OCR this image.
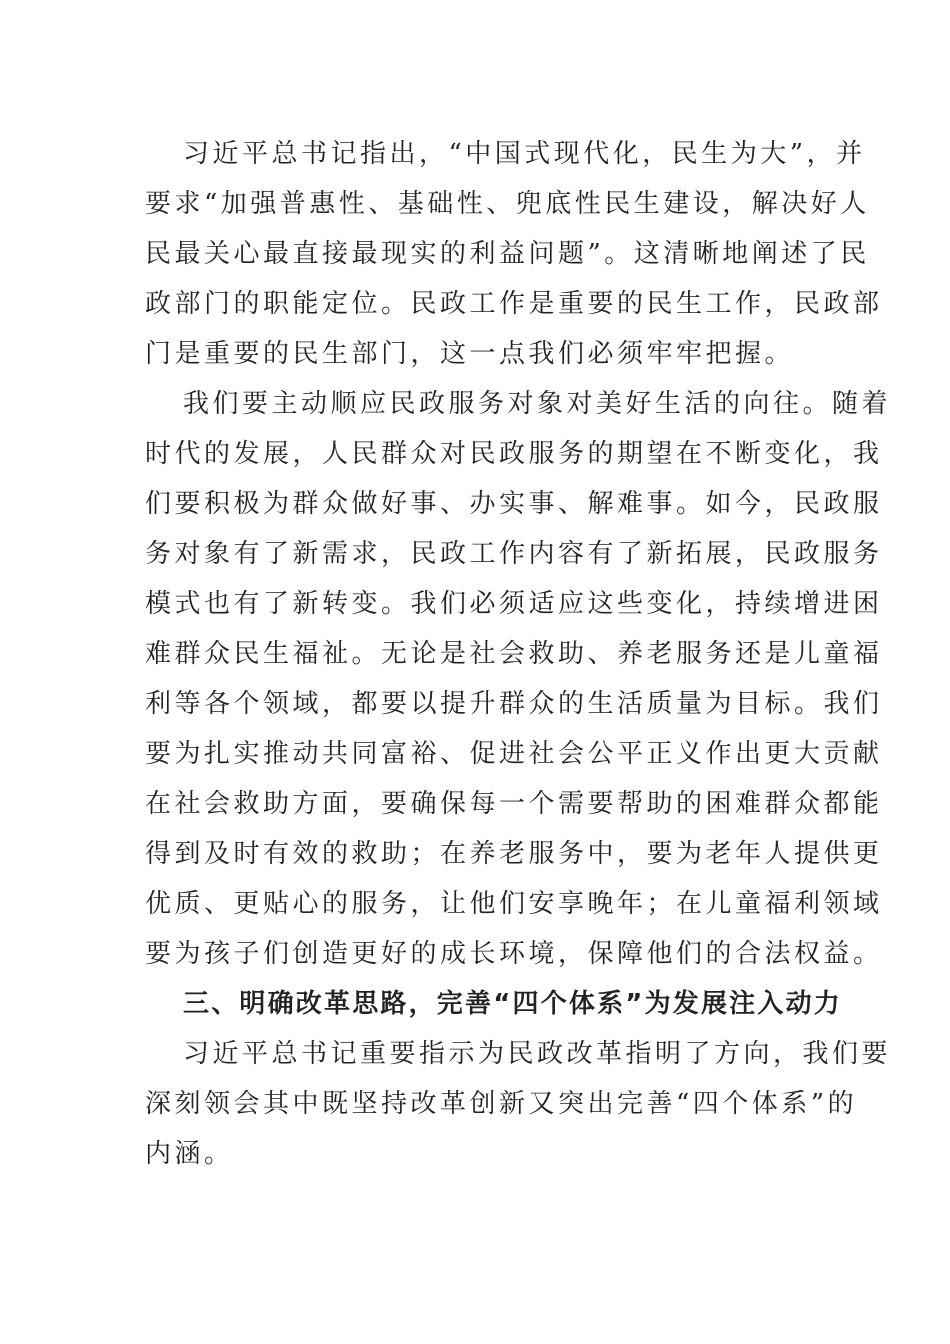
习近平总书记指出，“中国式现代化，民生为大”，并
要求“加强普惠性、基础性、兜底性民生建设，解决好人
民最关心最直接最现实的利益问题”。这清晰地阐述了民
政部门的职能定位。民政工作是重要的民生工作，民政部
门是重要的民生部门，这一点我们必须牢牢把握。
我们要主动顺应民政服务对象对美好生活的向往。随着
时代的发展，人民群众对民政服务的期望在不断变化，我
们要积极为群众做好事、办实事、解难事。如今，民政服
务对象有了新需求，民政工作内容有了新拓展，民政服务
模式也有了新转变。我们必须适应这些变化，持续增进困
难群众民生福祉。无论是社会救助、养老服务还是儿童福
利等各个领域，都要以提升群众的生活质量为目标。我们
要为扎实推动共同富裕、促进社会公平正义作出更大贡献
在社会救助方面，要确保每一个需要帮助的困难群众都能
得到及时有效的救助；在养老服务中，要为老年人提供更
优质、更贴心的服务，让他们安享晚年；在儿童福利领域
要为孩子们创造更好的成长环境，保障他们的合法权益。
三、明确改革思路，完善“四个体系”为发展注入动力
习近平总书记重要指示为民政改革指明了方向，我们要
深刻领会其中既坚持改革创新又突出完善“四个体系”的
内涵。
